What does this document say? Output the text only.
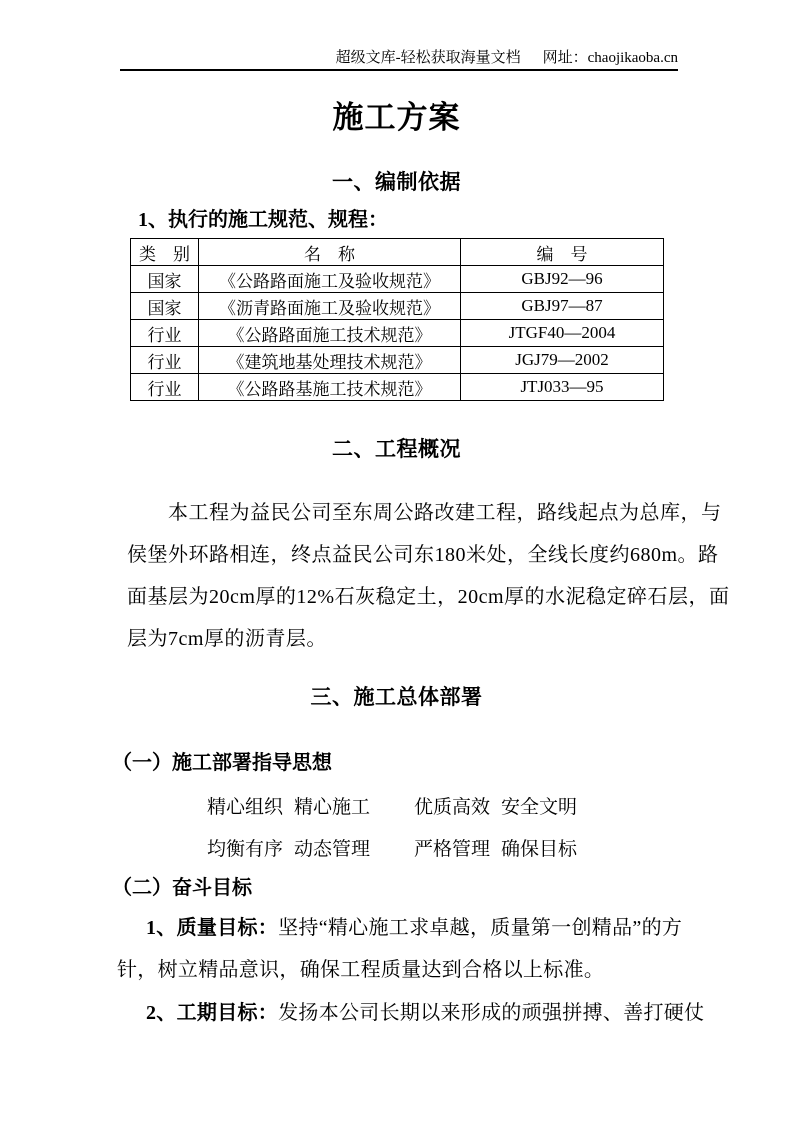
超级文库-轻松获取海量文档 网址：chaojikaoba.cn
施工方案
一、编制依据
1、执行的施工规范、规程：
类　别	名　称	编　号
国家	《公路路面施工及验收规范》	GBJ92—96
国家	《沥青路面施工及验收规范》	GBJ97—87
行业	《公路路面施工技术规范》	JTGF40—2004
行业	《建筑地基处理技术规范》	JGJ79—2002
行业	《公路路基施工技术规范》	JTJ033—95
二、工程概况
本工程为益民公司至东周公路改建工程，路线起点为总库，与
侯堡外环路相连，终点益民公司东180米处，全线长度约680m。路
面基层为20cm厚的12%石灰稳定土，20cm厚的水泥稳定碎石层，面
层为7cm厚的沥青层。
三、施工总体部署
（一）施工部署指导思想
精心组织 精心施工 优质高效 安全文明
均衡有序 动态管理 严格管理 确保目标
（二）奋斗目标
1、质量目标：坚持“精心施工求卓越，质量第一创精品”的方
针，树立精品意识，确保工程质量达到合格以上标准。
2、工期目标：发扬本公司长期以来形成的顽强拼搏、善打硬仗
